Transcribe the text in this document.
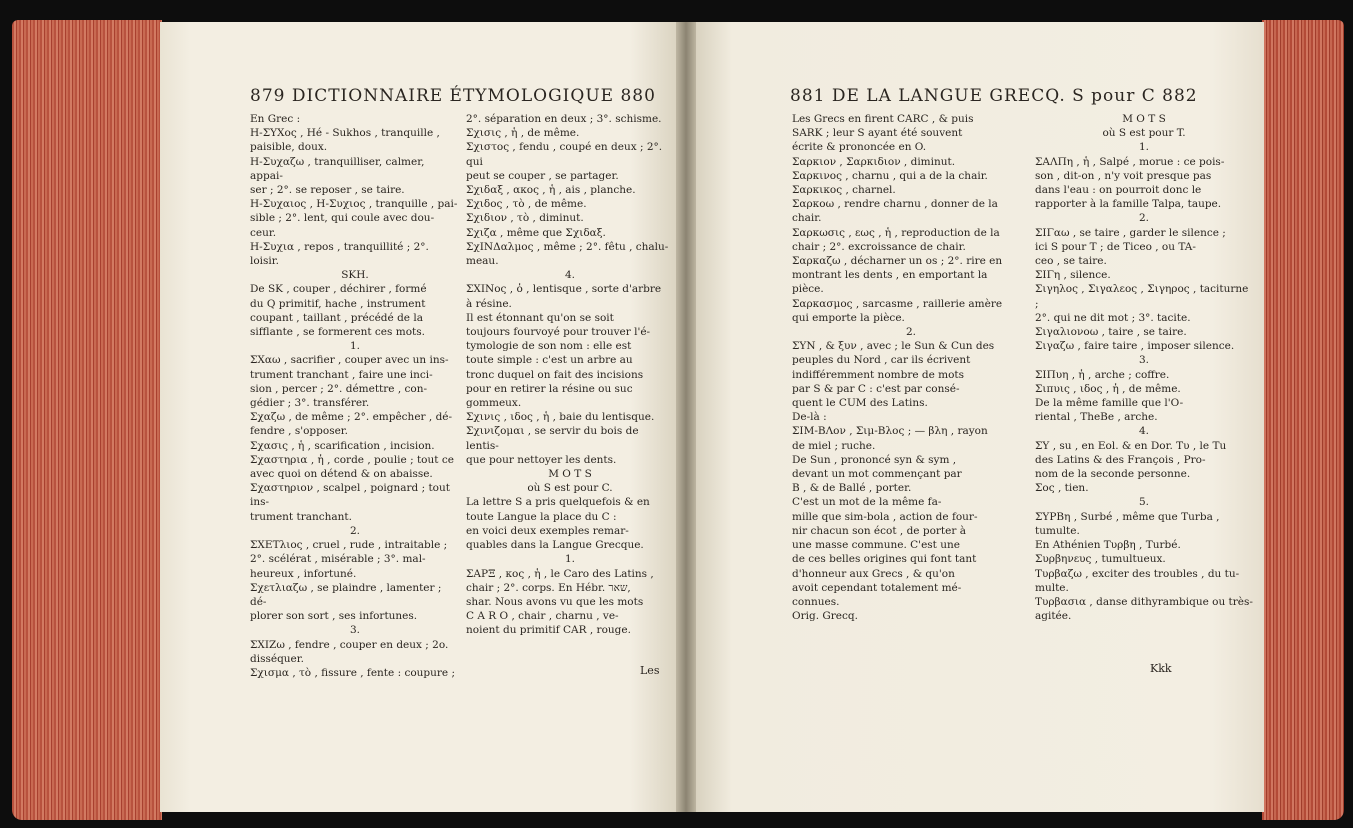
879 DICTIONNAIRE ÉTYMOLOGIQUE 880	881 DE LA LANGUE GRECQ. S pour C 882

En Grec :

H-ΣΥΧος , Hé - Sukhos , tranquille ,

paisible, doux.

H-Συχαζω , tranquilliser, calmer, appai-

ser ; 2°. se reposer , se taire.

H-Συχαιος , H-Συχιος , tranquille , pai-

sible ; 2°. lent, qui coule avec dou-

ceur.

H-Συχια , repos , tranquillité ; 2°. loisir.

SKH.

De SK , couper , déchirer , formé

du Q primitif, hache , instrument

coupant , taillant , précédé de la

sifflante , se formerent ces mots.

1.

ΣΧαω , sacrifier , couper avec un ins-

trument tranchant , faire une inci-

sion , percer ; 2°. démettre , con-

gédier ; 3°. transférer.

Σχαζω , de même ; 2°. empêcher , dé-

fendre , s'opposer.

Σχασις , ἡ , scarification , incision.

Σχαστηρια , ἡ , corde , poulie ; tout ce

avec quoi on détend & on abaisse.

Σχαστηριον , scalpel , poignard ; tout ins-

trument tranchant.

2.

ΣΧΕΤλιος , cruel , rude , intraitable ;

2°. scélérat , misérable ; 3°. mal-

heureux , infortuné.

Σχετλιαζω , se plaindre , lamenter ; dé-

plorer son sort , ses infortunes.

3.

ΣΧΙΖω , fendre , couper en deux ; 2o.

disséquer.

Σχισμα , τὸ , fissure , fente : coupure ;

2°. séparation en deux ; 3°. schisme.

Σχισις , ἡ , de même.

Σχιστος , fendu , coupé en deux ; 2°. qui

peut se couper , se partager.

Σχιδαξ , ακος , ἡ , ais , planche.

Σχιδος , τὸ , de même.

Σχιδιον , τὸ , diminut.

Σχιζα , même que Σχιδαξ.

ΣχΙΝΔαλμος , même ; 2°. fêtu , chalu-

meau.

4.

ΣΧΙΝος , ὁ , lentisque , sorte d'arbre

à résine.

Il est étonnant qu'on se soit

toujours fourvoyé pour trouver l'é-

tymologie de son nom : elle est

toute simple : c'est un arbre au

tronc duquel on fait des incisions

pour en retirer la résine ou suc

gommeux.

Σχινις , ιδος , ἡ , baie du lentisque.

Σχινιζομαι , se servir du bois de lentis-

que pour nettoyer les dents.

M O T S

où S est pour C.

La lettre S a pris quelquefois & en

toute Langue la place du C :

en voici deux exemples remar-

quables dans la Langue Grecque.

1.

ΣΑΡΞ , κος , ἡ , le Caro des Latins ,

chair ; 2°. corps. En Hébr. שאר,

shar. Nous avons vu que les mots

C A R O , chair , charnu , ve-

noient du primitif CAR , rouge.

Les Grecs en firent CARC , & puis

SARK ; leur S ayant été souvent

écrite & prononcée en O.

Σαρκιον , Σαρκιδιον , diminut.

Σαρκινος , charnu , qui a de la chair.

Σαρκικος , charnel.

Σαρκοω , rendre charnu , donner de la

chair.

Σαρκωσις , εως , ἡ , reproduction de la

chair ; 2°. excroissance de chair.

Σαρκαζω , décharner un os ; 2°. rire en

montrant les dents , en emportant la

pièce.

Σαρκασμος , sarcasme , raillerie amère

qui emporte la pièce.

2.

ΣΥΝ , & ξυν , avec ; le Sun & Cun des

peuples du Nord , car ils écrivent

indifféremment nombre de mots

par S & par C : c'est par consé-

quent le CUM des Latins.

De-là :

ΣΙΜ-ΒΛον , Σιμ-Βλος ; — βλη , rayon

de miel ; ruche.

De Sun , prononcé syn & sym ,

devant un mot commençant par

B , & de Ballé , porter.

C'est un mot de la même fa-

mille que sim-bola , action de four-

nir chacun son écot , de porter à

une masse commune. C'est une

de ces belles origines qui font tant

d'honneur aux Grecs , & qu'on

avoit cependant totalement mé-

connues.

Orig. Grecq.

M O T S

où S est pour T.

1.

ΣΑΛΠη , ἡ , Salpé , morue : ce pois-

son , dit-on , n'y voit presque pas

dans l'eau : on pourroit donc le

rapporter à la famille Talpa, taupe.

2.

ΣΙΓαω , se taire , garder le silence ;

ici S pour T ; de Ticeo , ou TA-

ceo , se taire.

ΣΙΓη , silence.

Σιγηλος , Σιγαλεος , Σιγηρος , taciturne ;

2°. qui ne dit mot ; 3°. tacite.

Σιγαλιονοω , taire , se taire.

Σιγαζω , faire taire , imposer silence.

3.

ΣΙΠυη , ἡ , arche ; coffre.

Σιπυις , ιδος , ἡ , de même.

De la même famille que l'O-

riental , TheBe , arche.

4.

ΣΥ , su , en Eol. & en Dor. Τυ , le Tu

des Latins & des François , Pro-

nom de la seconde personne.

Σος , tien.

5.

ΣΥΡΒη , Surbé , même que Turba ,

tumulte.

En Athénien Τυρβη , Turbé.

Συρβηνευς , tumultueux.

Τυρβαζω , exciter des troubles , du tu-

multe.

Τυρβασια , danse dithyrambique ou très-

agitée.

Les	Kkk
